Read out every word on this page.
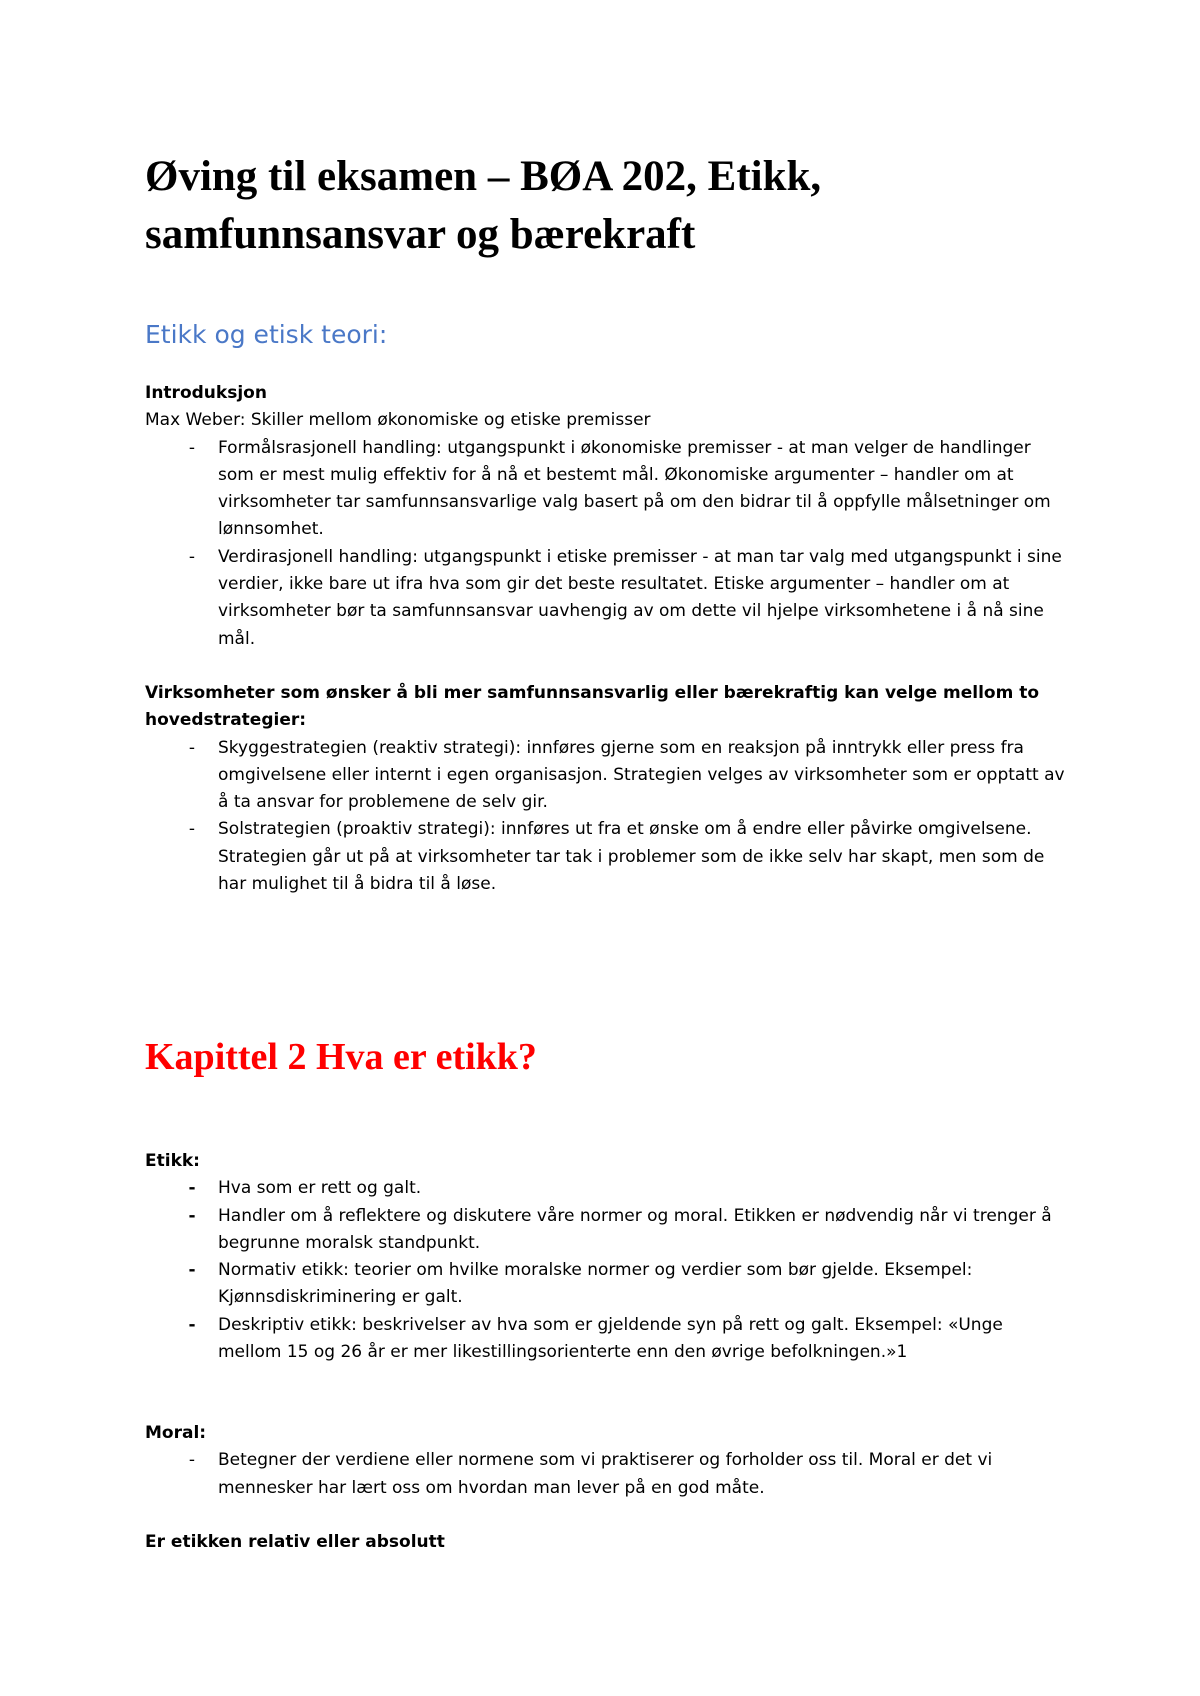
Øving til eksamen – BØA 202, Etikk, samfunnsansvar og bærekraft
Etikk og etisk teori:

Introduksjon

Max Weber: Skiller mellom økonomiske og etiske premisser

- Formålsrasjonell handling: utgangspunkt i økonomiske premisser - at man velger de handlinger som er mest mulig effektiv for å nå et bestemt mål. Økonomiske argumenter – handler om at virksomheter tar samfunnsansvarlige valg basert på om den bidrar til å oppfylle målsetninger om lønnsomhet.
- Verdirasjonell handling: utgangspunkt i etiske premisser - at man tar valg med utgangspunkt i sine verdier, ikke bare ut ifra hva som gir det beste resultatet. Etiske argumenter – handler om at virksomheter bør ta samfunnsansvar uavhengig av om dette vil hjelpe virksomhetene i å nå sine mål.

Virksomheter som ønsker å bli mer samfunnsansvarlig eller bærekraftig kan velge mellom to hovedstrategier:

- Skyggestrategien (reaktiv strategi): innføres gjerne som en reaksjon på inntrykk eller press fra omgivelsene eller internt i egen organisasjon. Strategien velges av virksomheter som er opptatt av å ta ansvar for problemene de selv gir.
- Solstrategien (proaktiv strategi): innføres ut fra et ønske om å endre eller påvirke omgivelsene. Strategien går ut på at virksomheter tar tak i problemer som de ikke selv har skapt, men som de har mulighet til å bidra til å løse.
Kapittel 2 Hva er etikk?

Etikk:

- Hva som er rett og galt.
- Handler om å reflektere og diskutere våre normer og moral. Etikken er nødvendig når vi trenger å begrunne moralsk standpunkt.
- Normativ etikk: teorier om hvilke moralske normer og verdier som bør gjelde. Eksempel: Kjønnsdiskriminering er galt.
- Deskriptiv etikk: beskrivelser av hva som er gjeldende syn på rett og galt. Eksempel: «Unge mellom 15 og 26 år er mer likestillingsorienterte enn den øvrige befolkningen.»1

Moral:

- Betegner der verdiene eller normene som vi praktiserer og forholder oss til. Moral er det vi mennesker har lært oss om hvordan man lever på en god måte.

Er etikken relativ eller absolutt
